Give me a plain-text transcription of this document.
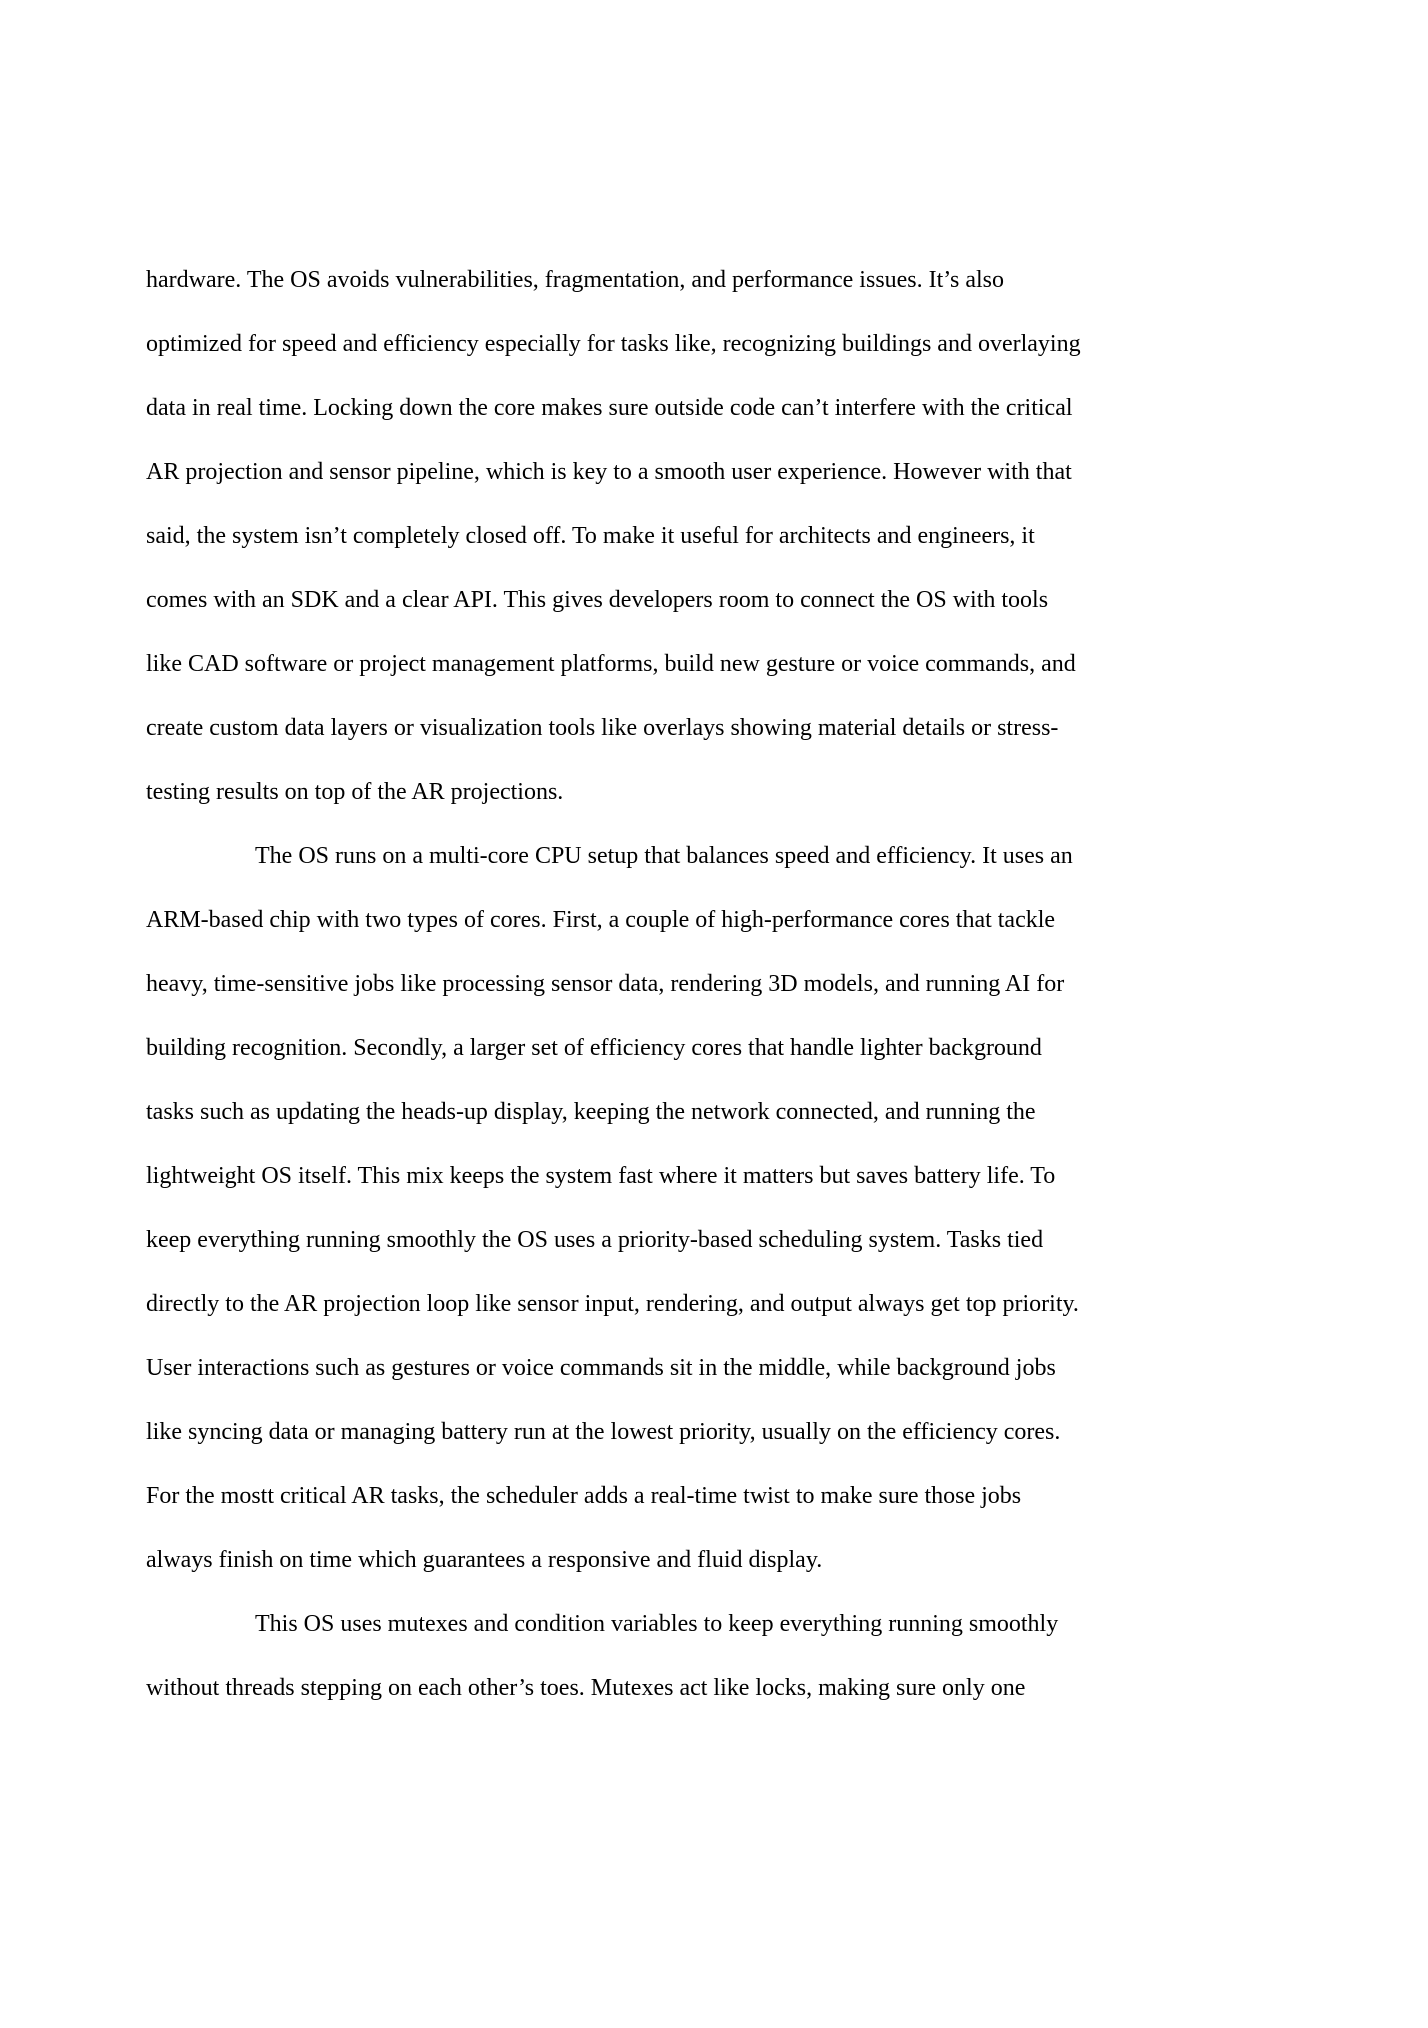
hardware. The OS avoids vulnerabilities, fragmentation, and performance issues. It’s also
optimized for speed and efficiency especially for tasks like, recognizing buildings and overlaying
data in real time. Locking down the core makes sure outside code can’t interfere with the critical
AR projection and sensor pipeline, which is key to a smooth user experience. However with that
said, the system isn’t completely closed off. To make it useful for architects and engineers, it
comes with an SDK and a clear API. This gives developers room to connect the OS with tools
like CAD software or project management platforms, build new gesture or voice commands, and
create custom data layers or visualization tools like overlays showing material details or stress-
testing results on top of the AR projections.
The OS runs on a multi-core CPU setup that balances speed and efficiency. It uses an
ARM-based chip with two types of cores. First, a couple of high-performance cores that tackle
heavy, time-sensitive jobs like processing sensor data, rendering 3D models, and running AI for
building recognition. Secondly, a larger set of efficiency cores that handle lighter background
tasks such as updating the heads-up display, keeping the network connected, and running the
lightweight OS itself. This mix keeps the system fast where it matters but saves battery life. To
keep everything running smoothly the OS uses a priority-based scheduling system. Tasks tied
directly to the AR projection loop like sensor input, rendering, and output always get top priority.
User interactions such as gestures or voice commands sit in the middle, while background jobs
like syncing data or managing battery run at the lowest priority, usually on the efficiency cores.
For the mostt critical AR tasks, the scheduler adds a real-time twist to make sure those jobs
always finish on time which guarantees a responsive and fluid display.
This OS uses mutexes and condition variables to keep everything running smoothly
without threads stepping on each other’s toes. Mutexes act like locks, making sure only one
